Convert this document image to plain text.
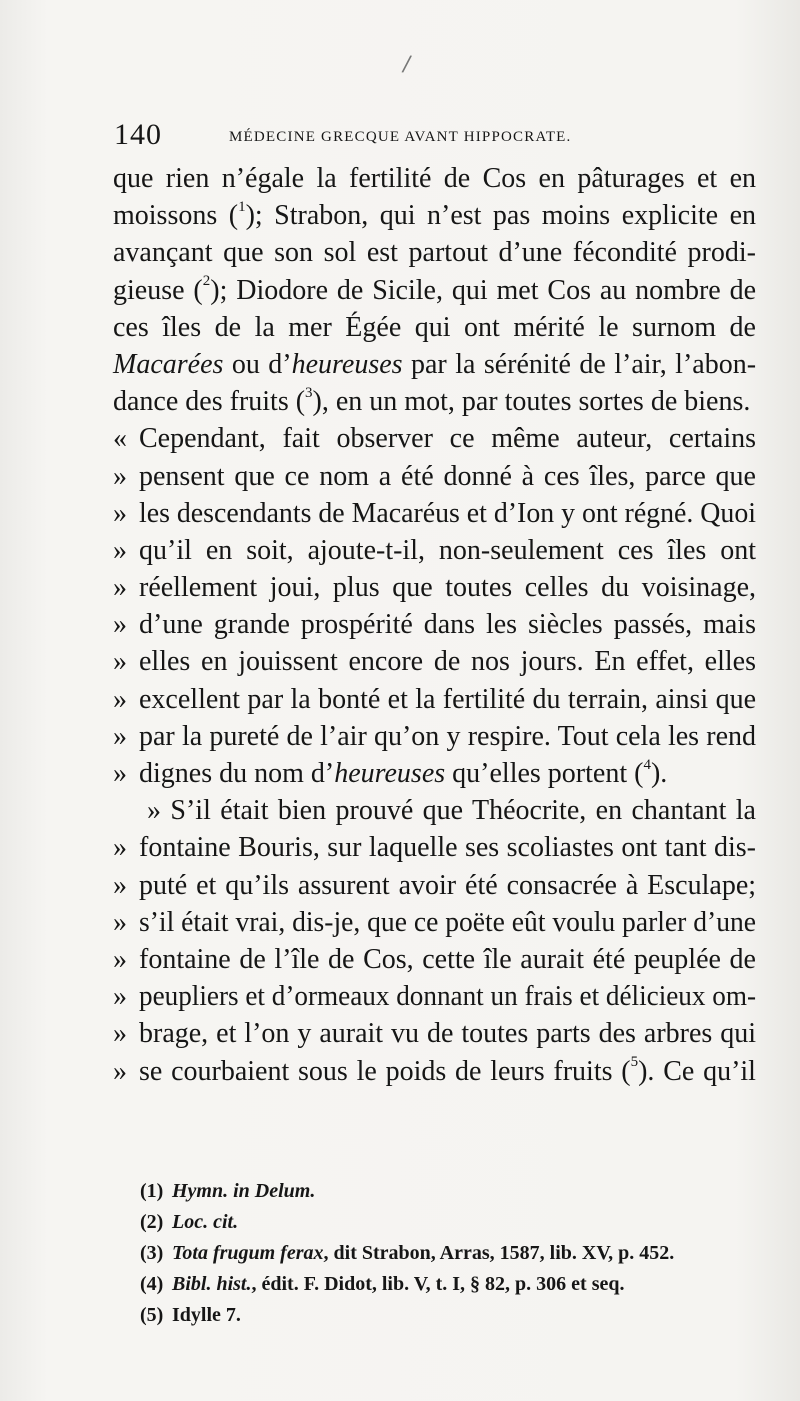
/
140	MÉDECINE GRECQUE AVANT HIPPOCRATE.
que rien n’égale la fertilité de Cos en pâturages et en
moissons ($^1$); Strabon, qui n’est pas moins explicite en
avançant que son sol est partout d’une fécondité prodi-
gieuse ($^2$); Diodore de Sicile, qui met Cos au nombre de
ces îles de la mer Égée qui ont mérité le surnom de
Macarées ou d’heureuses par la sérénité de l’air, l’abon-
dance des fruits ($^3$), en un mot, par toutes sortes de biens.
« Cependant, fait observer ce même auteur, certains
» pensent que ce nom a été donné à ces îles, parce que
» les descendants de Macaréus et d’Ion y ont régné. Quoi
» qu’il en soit, ajoute-t-il, non-seulement ces îles ont
» réellement joui, plus que toutes celles du voisinage,
» d’une grande prospérité dans les siècles passés, mais
» elles en jouissent encore de nos jours. En effet, elles
» excellent par la bonté et la fertilité du terrain, ainsi que
» par la pureté de l’air qu’on y respire. Tout cela les rend
» dignes du nom d’heureuses qu’elles portent ($^4$).
» S’il était bien prouvé que Théocrite, en chantant la
» fontaine Bouris, sur laquelle ses scoliastes ont tant dis-
» puté et qu’ils assurent avoir été consacrée à Esculape;
» s’il était vrai, dis-je, que ce poëte eût voulu parler d’une
» fontaine de l’île de Cos, cette île aurait été peuplée de
» peupliers et d’ormeaux donnant un frais et délicieux om-
» brage, et l’on y aurait vu de toutes parts des arbres qui
» se courbaient sous le poids de leurs fruits ($^5$). Ce qu’il
(1) Hymn. in Delum.
(2) Loc. cit.
(3) Tota frugum ferax, dit Strabon, Arras, 1587, lib. XV, p. 452.
(4) Bibl. hist., édit. F. Didot, lib. V, t. I, § 82, p. 306 et seq.
(5) Idylle 7.
